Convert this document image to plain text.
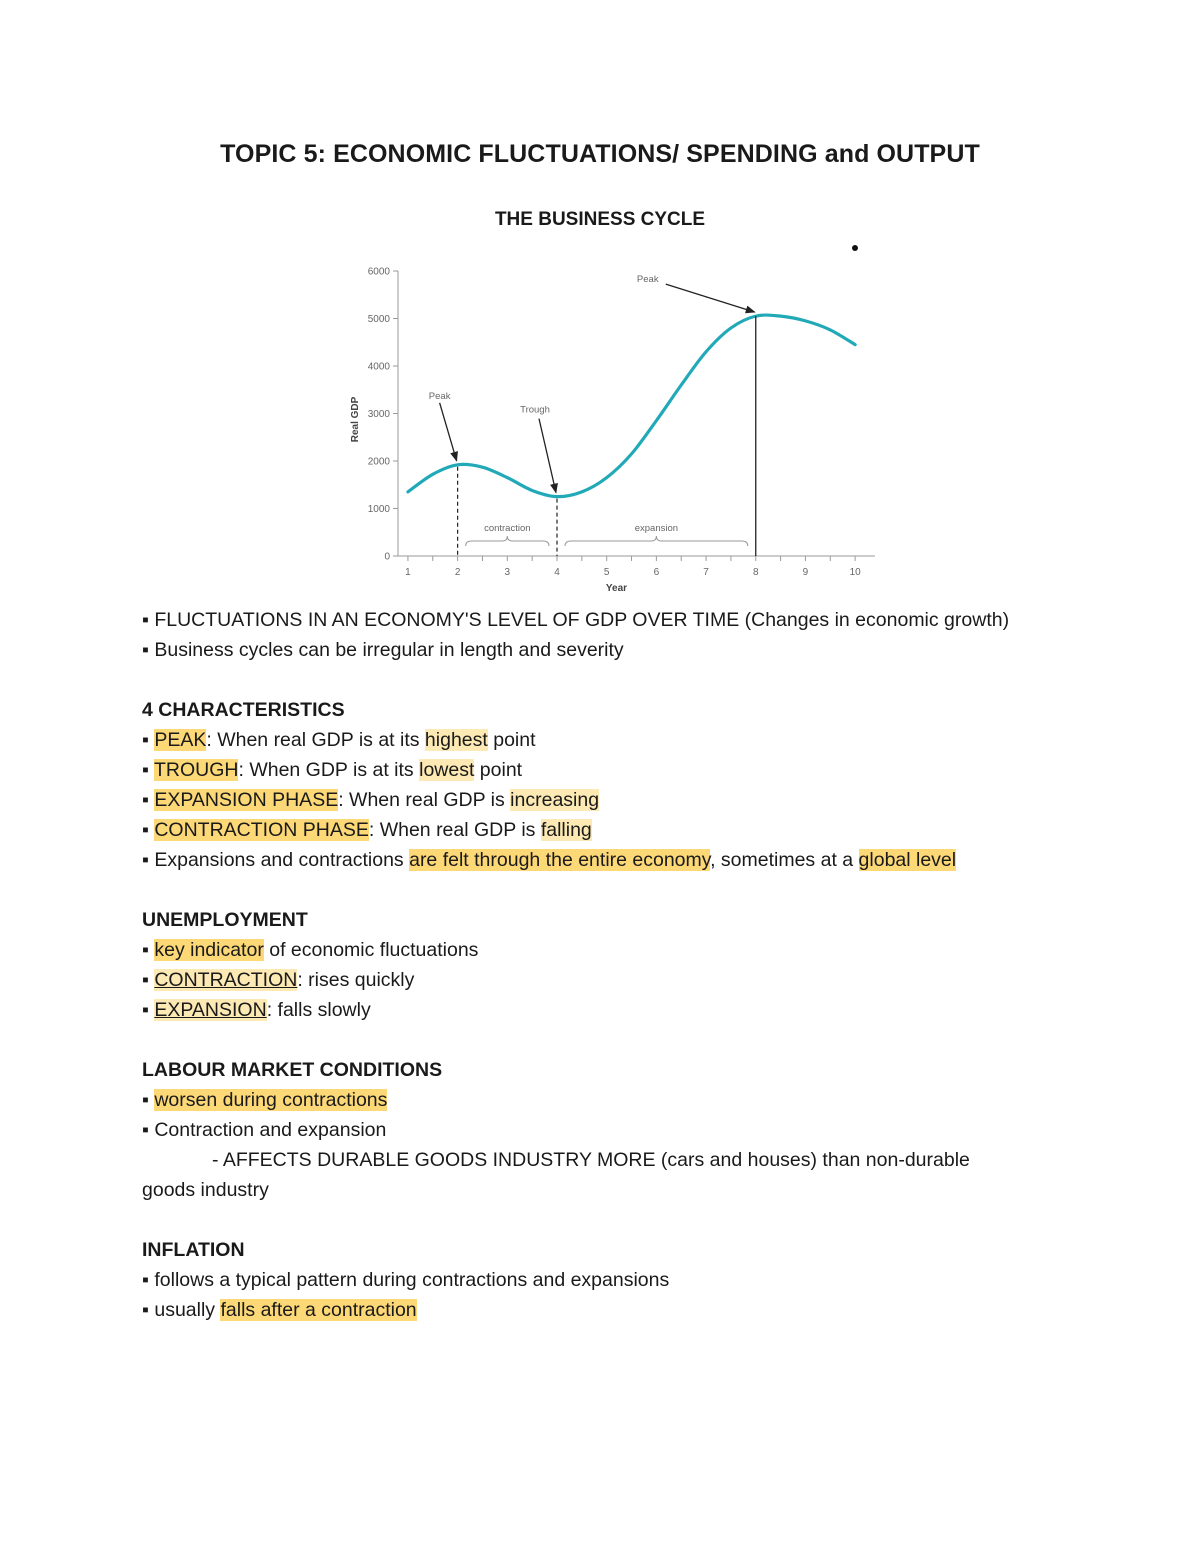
TOPIC 5: ECONOMIC FLUCTUATIONS/ SPENDING and OUTPUT
THE BUSINESS CYCLE
0
1000
2000
3000
4000
5000
6000
1	2	3	4	5	6	7	8	9	10
Year
Real GDP
Peak
Trough
Peak
contraction	expansion
▪ FLUCTUATIONS IN AN ECONOMY'S LEVEL OF GDP OVER TIME (Changes in economic growth)
▪ Business cycles can be irregular in length and severity
4 CHARACTERISTICS
▪ PEAK: When real GDP is at its highest point
▪ TROUGH: When GDP is at its lowest point
▪ EXPANSION PHASE: When real GDP is increasing
▪ CONTRACTION PHASE: When real GDP is falling
▪ Expansions and contractions are felt through the entire economy, sometimes at a global level
UNEMPLOYMENT
▪ key indicator of economic fluctuations
▪ CONTRACTION: rises quickly
▪ EXPANSION: falls slowly
LABOUR MARKET CONDITIONS
▪ worsen during contractions
▪ Contraction and expansion
- AFFECTS DURABLE GOODS INDUSTRY MORE (cars and houses) than non-durable
goods industry
INFLATION
▪ follows a typical pattern during contractions and expansions
▪ usually falls after a contraction
